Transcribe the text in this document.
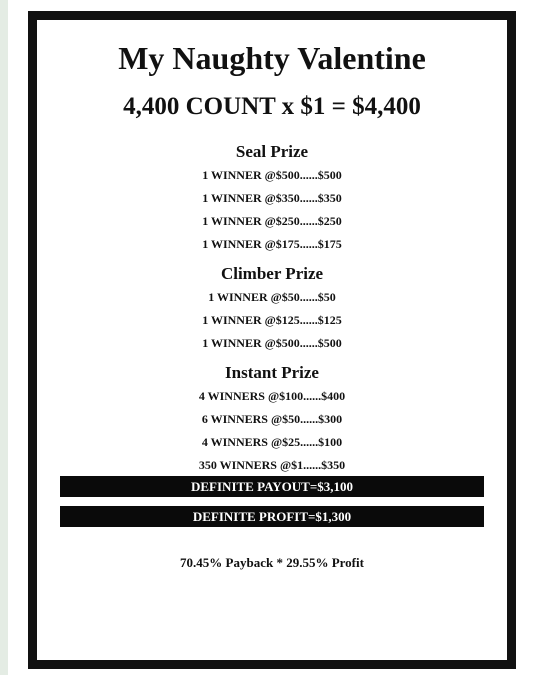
My Naughty Valentine
4,400 COUNT x $1 = $4,400
Seal Prize
1 WINNER @$500......$500
1 WINNER @$350......$350
1 WINNER @$250......$250
1 WINNER @$175......$175
Climber Prize
1 WINNER @$50......$50
1 WINNER @$125......$125
1 WINNER @$500......$500
Instant Prize
4 WINNERS @$100......$400
6 WINNERS @$50......$300
4 WINNERS @$25......$100
350 WINNERS @$1......$350
DEFINITE PAYOUT=$3,100
DEFINITE PROFIT=$1,300
70.45% Payback * 29.55% Profit
